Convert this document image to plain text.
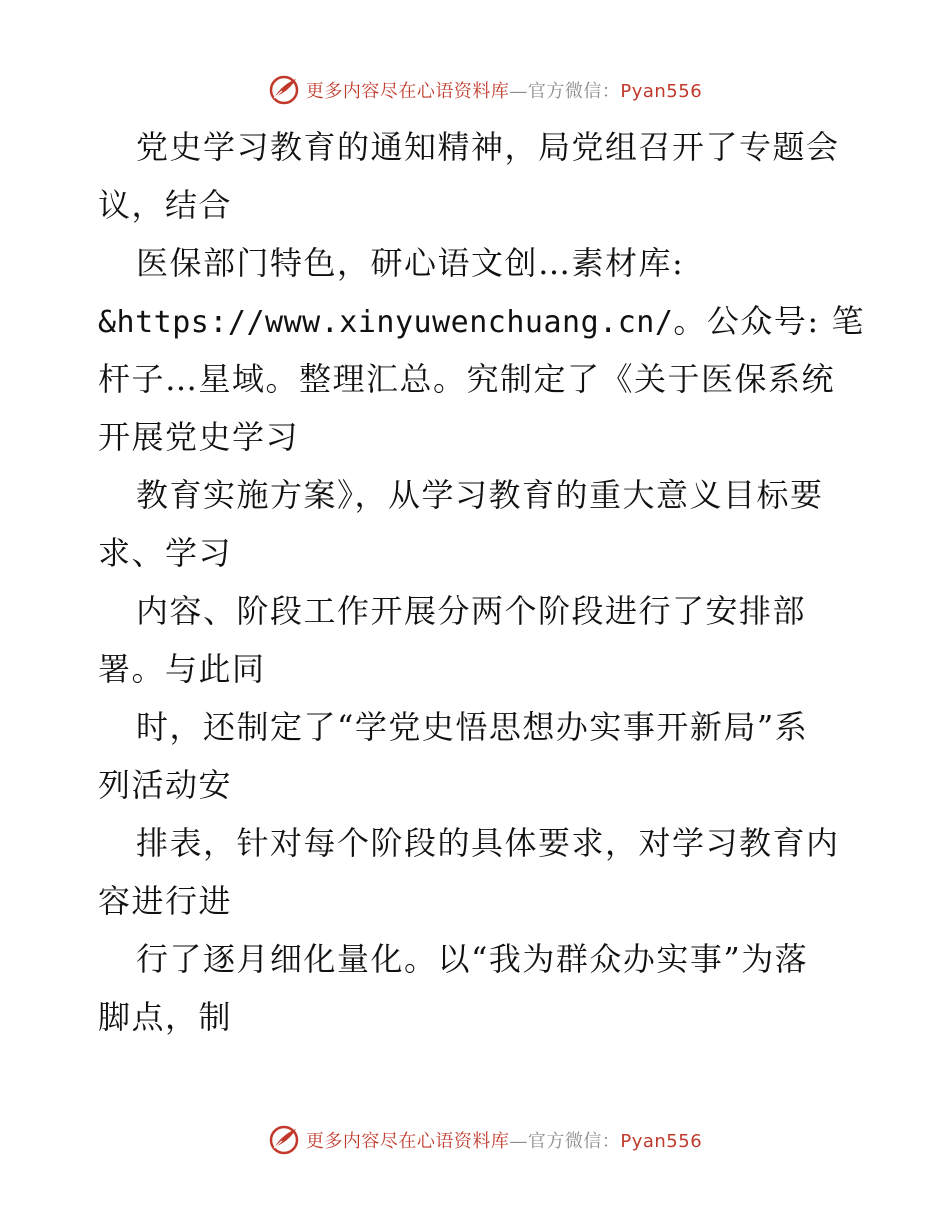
更多内容尽在心语资料库—官方微信：Pyan556
党史学习教育的通知精神，局党组召开了专题会
议，结合
医保部门特色，研心语文创…素材库:
&https://www.xinyuwenchuang.cn/。公众号: 笔
杆子…星域。整理汇总。究制定了《关于医保系统
开展党史学习
教育实施方案》，从学习教育的重大意义目标要
求、学习
内容、阶段工作开展分两个阶段进行了安排部
署。与此同
时，还制定了“学党史悟思想办实事开新局”系
列活动安
排表，针对每个阶段的具体要求，对学习教育内
容进行进
行了逐月细化量化。以“我为群众办实事”为落
脚点，制
更多内容尽在心语资料库—官方微信：Pyan556
